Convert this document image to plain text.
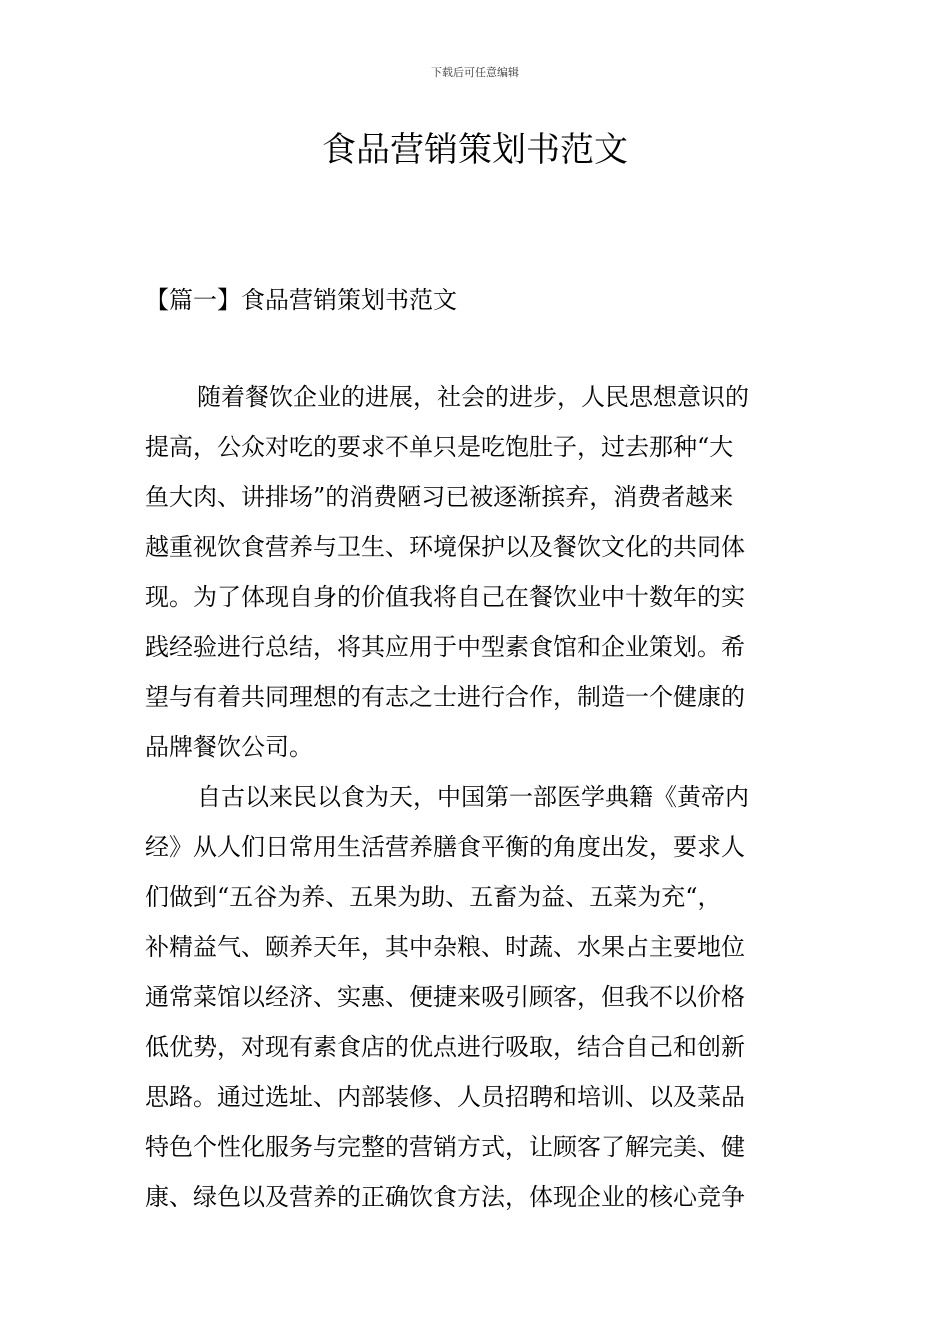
下载后可任意编辑
食品营销策划书范文
【篇一】食品营销策划书范文
随着餐饮企业的进展，社会的进步，人民思想意识的
提高，公众对吃的要求不单只是吃饱肚子，过去那种“大
鱼大肉、讲排场”的消费陋习已被逐渐摈弃，消费者越来
越重视饮食营养与卫生、环境保护以及餐饮文化的共同体
现。为了体现自身的价值我将自己在餐饮业中十数年的实
践经验进行总结，将其应用于中型素食馆和企业策划。希
望与有着共同理想的有志之士进行合作，制造一个健康的
品牌餐饮公司。
自古以来民以食为天，中国第一部医学典籍《黄帝内
经》从人们日常用生活营养膳食平衡的角度出发，要求人
们做到“五谷为养、五果为助、五畜为益、五菜为充“，
补精益气、颐养天年，其中杂粮、时蔬、水果占主要地位
通常菜馆以经济、实惠、便捷来吸引顾客，但我不以价格
低优势，对现有素食店的优点进行吸取，结合自己和创新
思路。通过选址、内部装修、人员招聘和培训、以及菜品
特色个性化服务与完整的营销方式，让顾客了解完美、健
康、绿色以及营养的正确饮食方法，体现企业的核心竞争
